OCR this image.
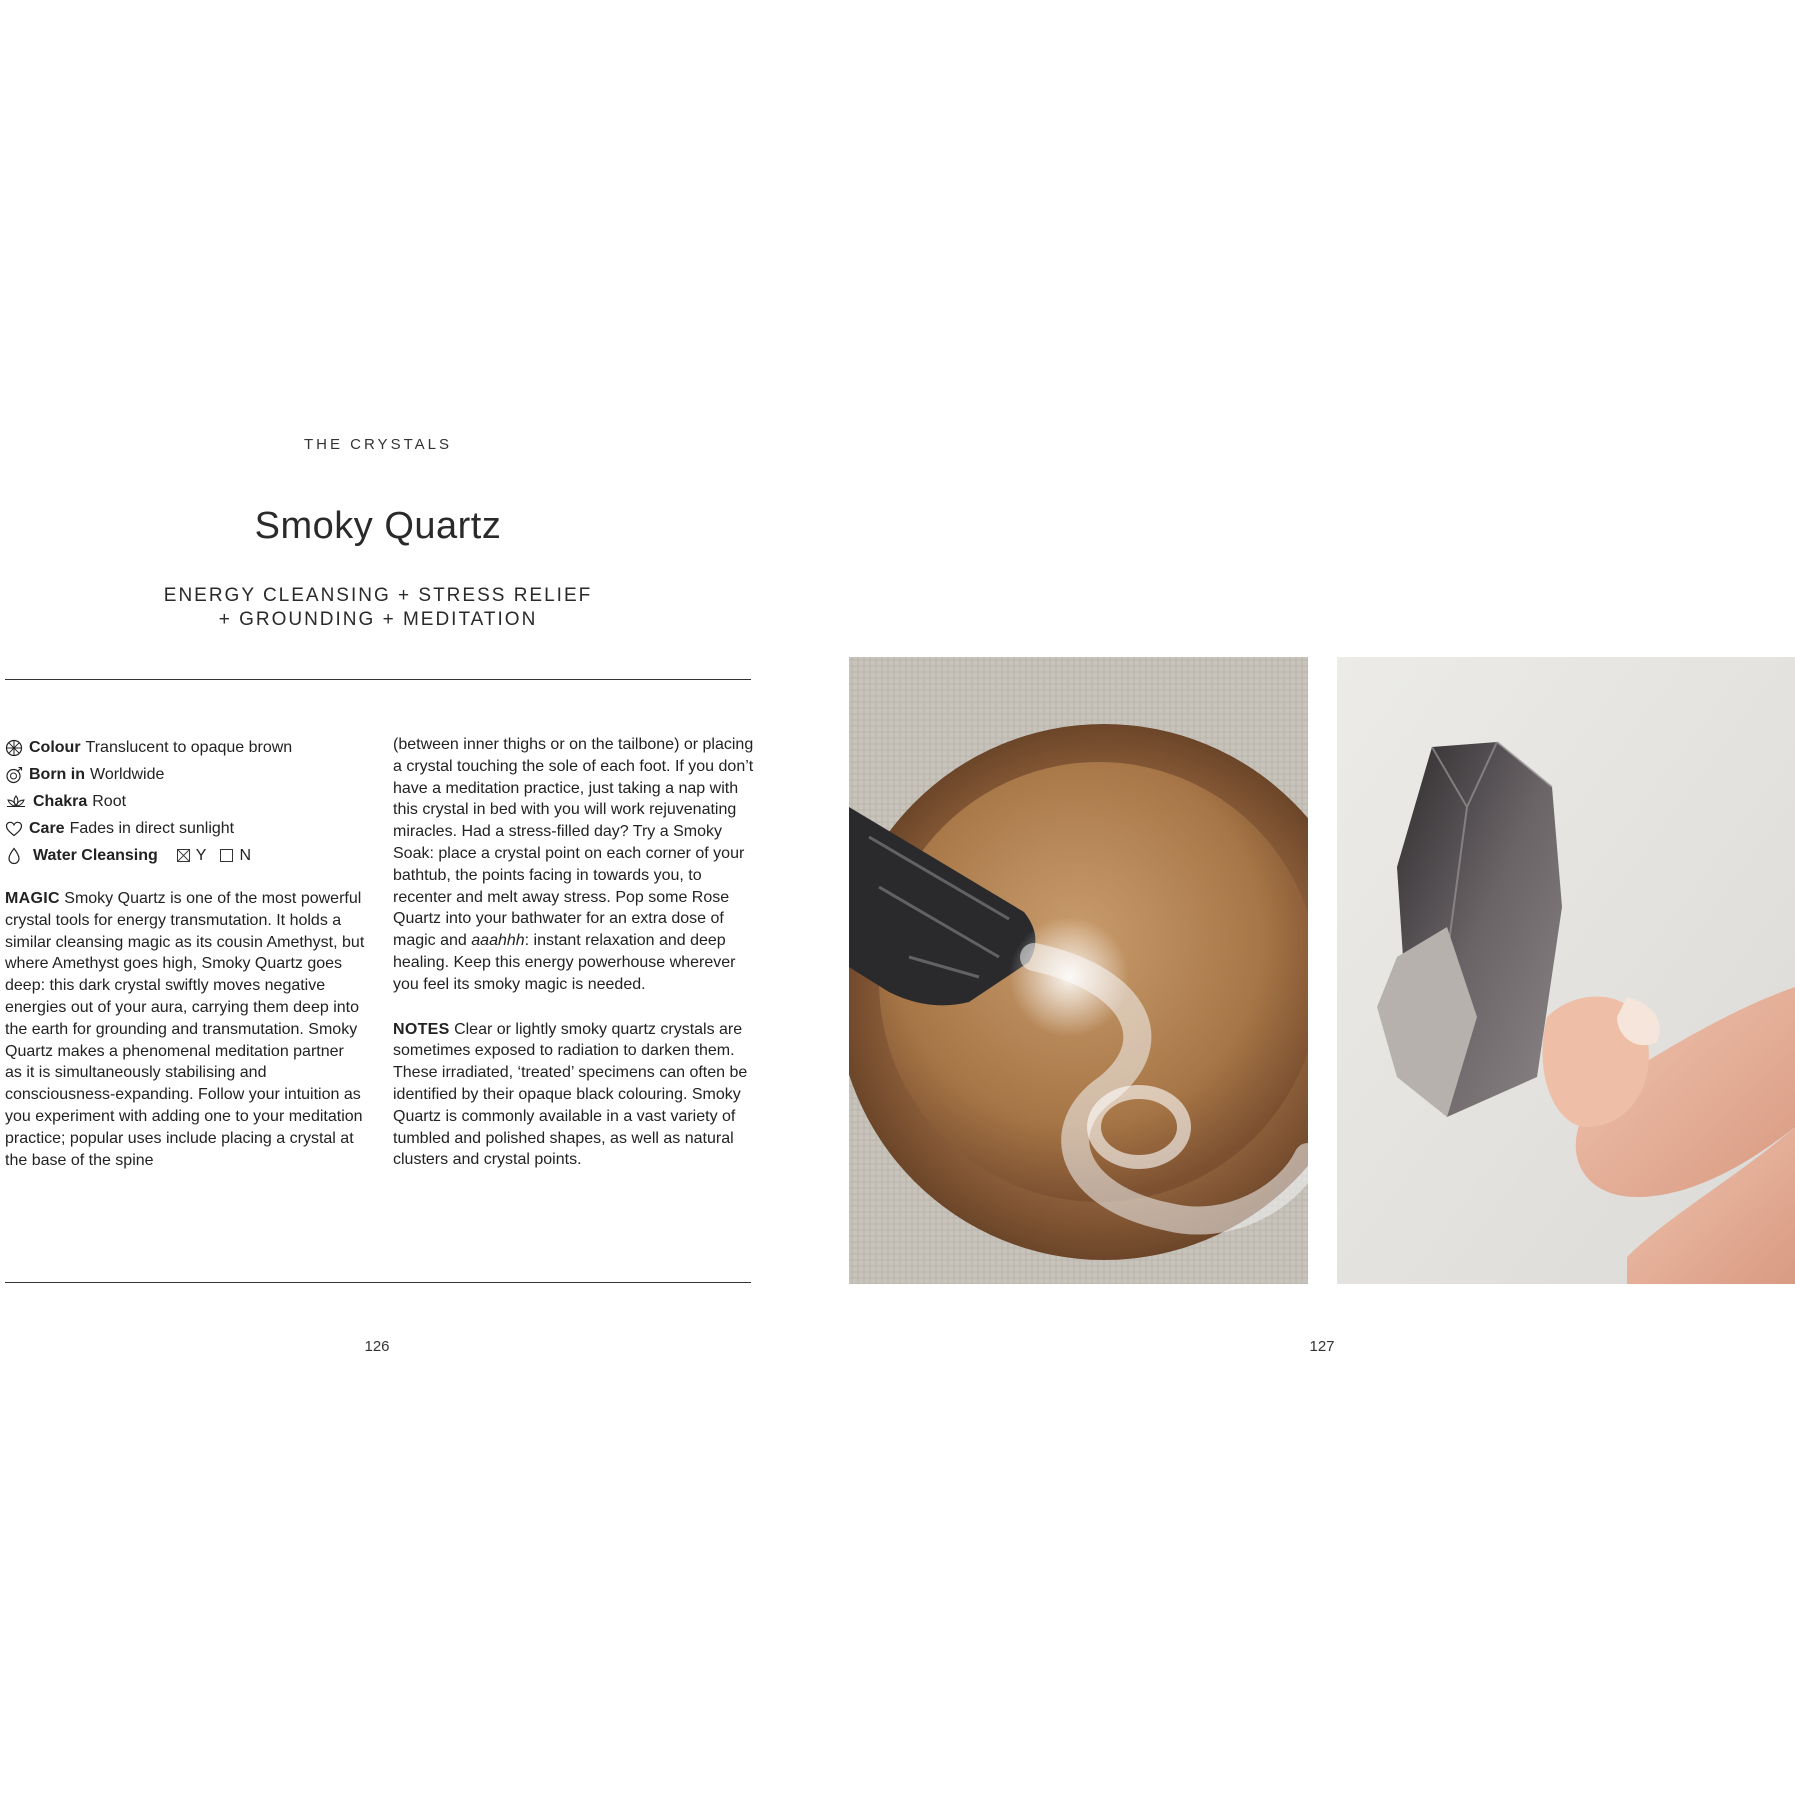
THE CRYSTALS
Smoky Quartz
ENERGY CLEANSING + STRESS RELIEF
+ GROUNDING + MEDITATION
Colour Translucent to opaque brown
Born in Worldwide
Chakra Root
Care Fades in direct sunlight
Water Cleansing Y N
MAGIC Smoky Quartz is one of the most powerful crystal tools for energy transmutation. It holds a similar cleansing magic as its cousin Amethyst, but where Amethyst goes high, Smoky Quartz goes deep: this dark crystal swiftly moves negative energies out of your aura, carrying them deep into the earth for grounding and transmutation. Smoky Quartz makes a phenomenal meditation partner as it is simultaneously stabilising and consciousness-expanding. Follow your intuition as you experiment with adding one to your meditation practice; popular uses include placing a crystal at the base of the spine
(between inner thighs or on the tailbone) or placing a crystal touching the sole of each foot. If you don’t have a meditation practice, just taking a nap with this crystal in bed with you will work rejuvenating miracles. Had a stress-filled day? Try a Smoky Soak: place a crystal point on each corner of your bathtub, the points facing in towards you, to recenter and melt away stress. Pop some Rose Quartz into your bathwater for an extra dose of magic and aaahhh: instant relaxation and deep healing. Keep this energy powerhouse wherever you feel its smoky magic is needed.
NOTES Clear or lightly smoky quartz crystals are sometimes exposed to radiation to darken them. These irradiated, ‘treated’ specimens can often be identified by their opaque black colouring. Smoky Quartz is commonly available in a vast variety of tumbled and polished shapes, as well as natural clusters and crystal points.
126	127
